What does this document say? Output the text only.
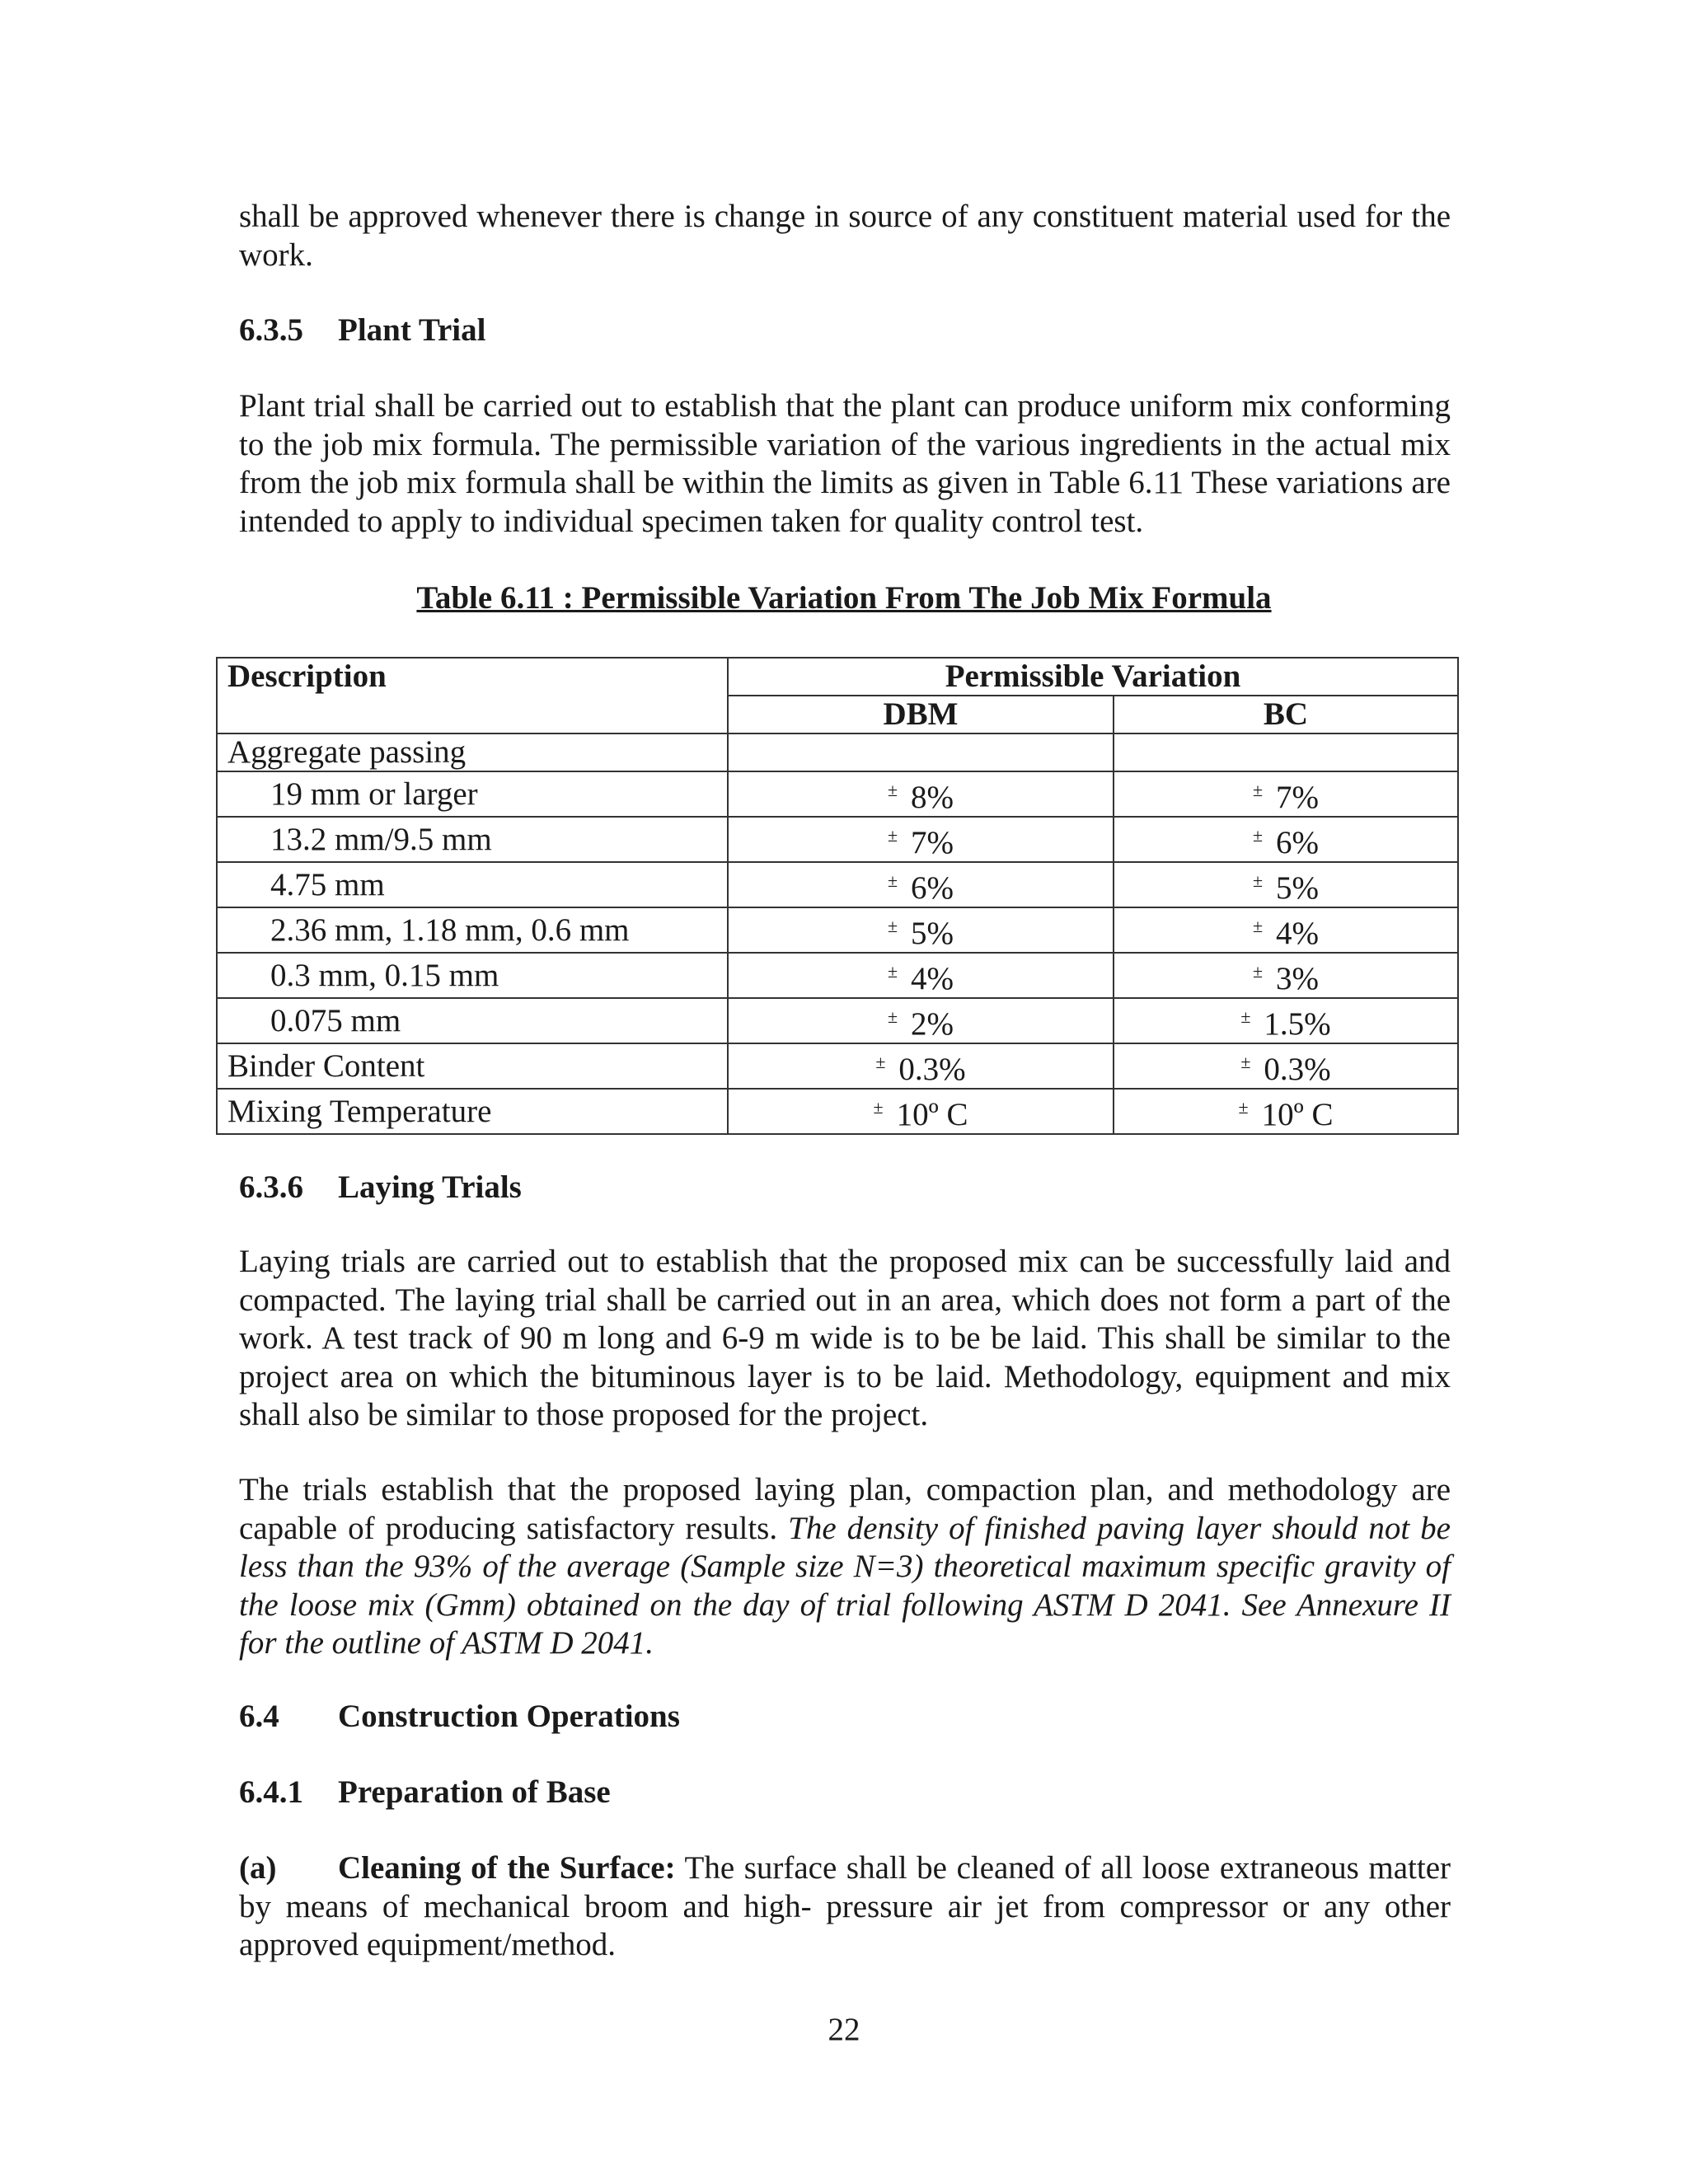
shall be approved whenever there is change in source of any constituent material used for the work.

6.3.5 Plant Trial

Plant trial shall be carried out to establish that the plant can produce uniform mix conforming to the job mix formula. The permissible variation of the various ingredients in the actual mix from the job mix formula shall be within the limits as given in Table 6.11 These variations are intended to apply to individual specimen taken for quality control test.

Table 6.11 : Permissible Variation From The Job Mix Formula
Description	Permissible Variation	
	DBM	BC
Aggregate passing		
19 mm or larger	± 8%	± 7%
13.2 mm/9.5 mm	± 7%	± 6%
4.75 mm	± 6%	± 5%
2.36 mm, 1.18 mm, 0.6 mm	± 5%	± 4%
0.3 mm, 0.15 mm	± 4%	± 3%
0.075 mm	± 2%	± 1.5%
Binder Content	± 0.3%	± 0.3%
Mixing Temperature	± 10º C	± 10º C
6.3.6 Laying Trials

Laying trials are carried out to establish that the proposed mix can be successfully laid and compacted. The laying trial shall be carried out in an area, which does not form a part of the work. A test track of 90 m long and 6-9 m wide is to be be laid. This shall be similar to the project area on which the bituminous layer is to be laid. Methodology, equipment and mix shall also be similar to those proposed for the project.

The trials establish that the proposed laying plan, compaction plan, and methodology are capable of producing satisfactory results. The density of finished paving layer should not be less than the 93% of the average (Sample size N=3) theoretical maximum specific gravity of the loose mix (Gmm) obtained on the day of trial following ASTM D 2041. See Annexure II for the outline of ASTM D 2041.

6.4 Construction Operations
6.4.1 Preparation of Base

(a) Cleaning of the Surface: The surface shall be cleaned of all loose extraneous matter by means of mechanical broom and high- pressure air jet from compressor or any other approved equipment/method.

22
